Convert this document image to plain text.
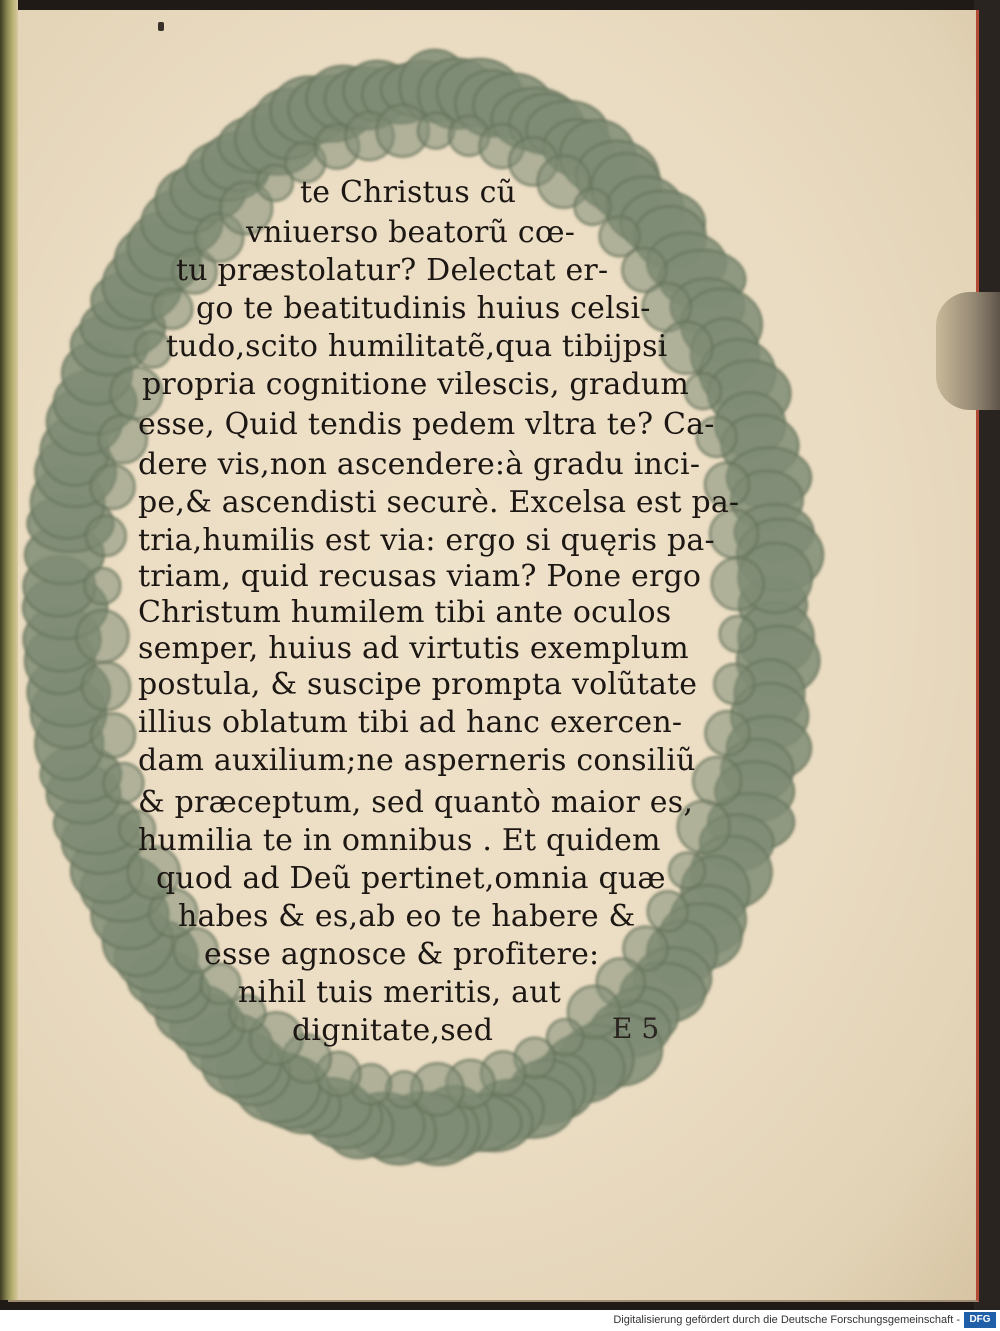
te Christus cũ
vniuerso beatorũ cœ-
tu præstolatur? Delectat er-
go te beatitudinis huius celsi-
tudo,scito humilitatẽ,qua tibijpsi
propria cognitione vilescis, gradum
esse, Quid tendis pedem vltra te? Ca-
dere vis,non ascendere:à gradu inci-
pe,& ascendisti securè. Excelsa est pa-
tria,humilis est via: ergo si quęris pa-
triam, quid recusas viam? Pone ergo
Christum humilem tibi ante oculos
semper, huius ad virtutis exemplum
postula, & suscipe prompta volũtate
illius oblatum tibi ad hanc exercen-
dam auxilium;ne asperneris consiliũ
& præceptum, sed quantò maior es,
humilia te in omnibus . Et quidem
quod ad Deũ pertinet,omnia quæ
habes & es,ab eo te habere &
esse agnosce & profitere:
nihil tuis meritis, aut
dignitate,sed	E 5
Digitalisierung gefördert durch die Deutsche Forschungsgemeinschaft - DFG
